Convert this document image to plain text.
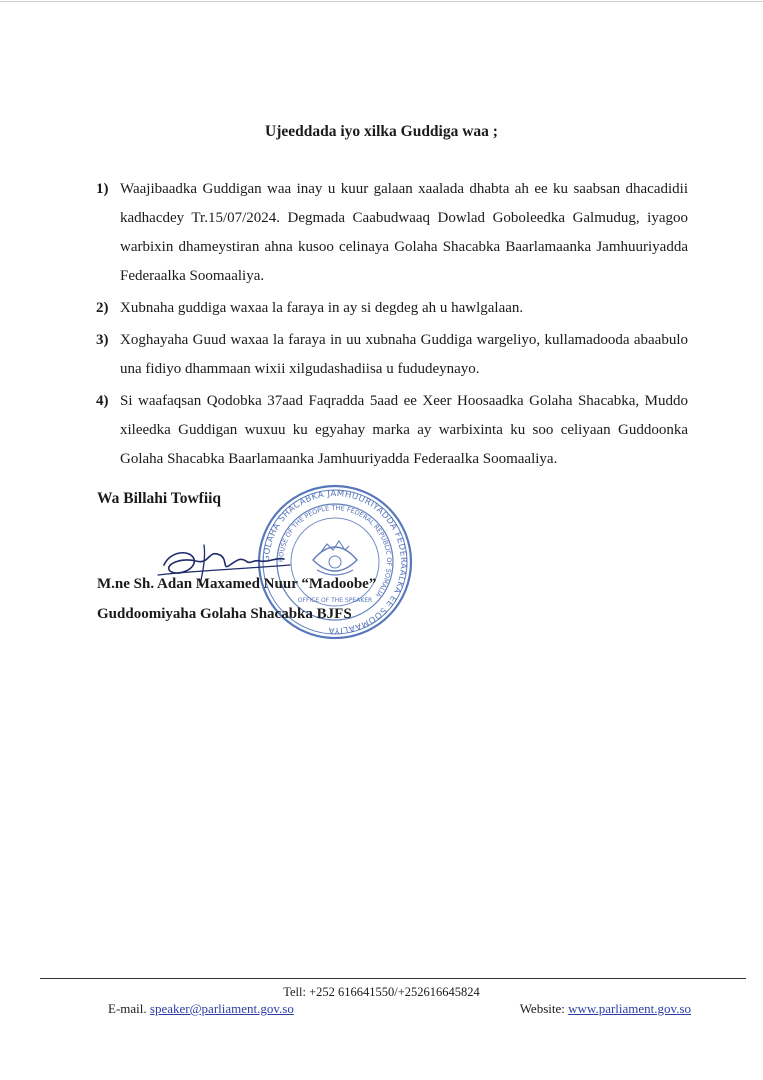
Ujeeddada iyo xilka Guddiga waa ;
1) Waajibaadka Guddigan waa inay u kuur galaan xaalada dhabta ah ee ku saabsan dhacadidii kadhacdey Tr.15/07/2024. Degmada Caabudwaaq Dowlad Goboleedka Galmudug, iyagoo warbixin dhameystiran ahna kusoo celinaya Golaha Shacabka Baarlamaanka Jamhuuriyadda Federaalka Soomaaliya.
2) Xubnaha guddiga waxaa la faraya in ay si degdeg ah u hawlgalaan.
3) Xoghayaha Guud waxaa la faraya in uu xubnaha Guddiga wargeliyo, kullamadooda abaabulo una fidiyo dhammaan wixii xilgudashadiisa u fududeynayo.
4) Si waafaqsan Qodobka 37aad Faqradda 5aad ee Xeer Hoosaadka Golaha Shacabka, Muddo xileedka Guddigan wuxuu ku egyahay marka ay warbixinta ku soo celiyaan Guddoonka Golaha Shacabka Baarlamaanka Jamhuuriyadda Federaalka Soomaaliya.
Wa Billahi Towfiiq
GOLAHA SHACABKA JAMHUURIYADDA FEDERAALKA EE SOOMAALIYA
HOUSE OF THE PEOPLE THE FEDERAL REPUBLIC OF SOMALIA
OFFICE OF THE SPEAKER
M.ne Sh. Adan Maxamed Nuur “Madoobe”
Guddoomiyaha Golaha Shacabka BJFS
Tell: +252 616641550/+252616645824
E-mail. speaker@parliament.gov.so	Website: www.parliament.gov.so
